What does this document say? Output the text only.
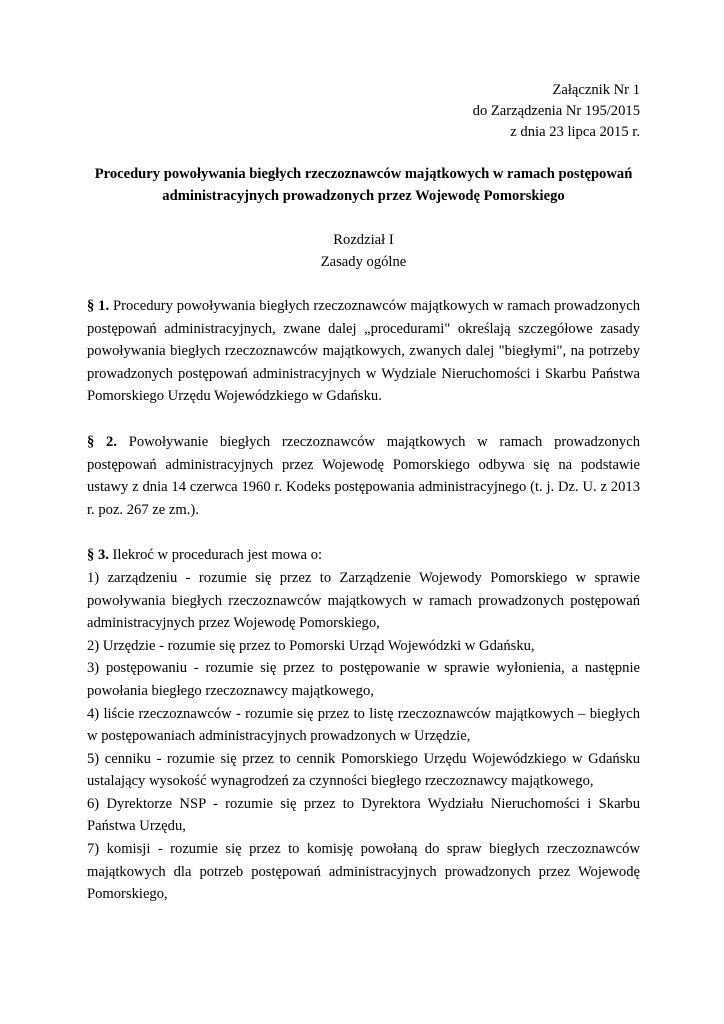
Załącznik Nr 1
do Zarządzenia Nr 195/2015
z dnia 23 lipca 2015 r.
Procedury powoływania biegłych rzeczoznawców majątkowych w ramach postępowań
administracyjnych prowadzonych przez Wojewodę Pomorskiego
Rozdział I
Zasady ogólne
§ 1. Procedury powoływania biegłych rzeczoznawców majątkowych w ramach prowadzonych postępowań administracyjnych, zwane dalej „procedurami" określają szczegółowe zasady powoływania biegłych rzeczoznawców majątkowych, zwanych dalej "biegłymi", na potrzeby prowadzonych postępowań administracyjnych w Wydziale Nieruchomości i Skarbu Państwa Pomorskiego Urzędu Wojewódzkiego w Gdańsku.
§ 2. Powoływanie biegłych rzeczoznawców majątkowych w ramach prowadzonych postępowań administracyjnych przez Wojewodę Pomorskiego odbywa się na podstawie ustawy z dnia 14 czerwca 1960 r. Kodeks postępowania administracyjnego (t. j. Dz. U. z 2013 r. poz. 267 ze zm.).
§ 3. Ilekroć w procedurach jest mowa o:
1) zarządzeniu - rozumie się przez to Zarządzenie Wojewody Pomorskiego w sprawie powoływania biegłych rzeczoznawców majątkowych w ramach prowadzonych postępowań administracyjnych przez Wojewodę Pomorskiego,
2) Urzędzie - rozumie się przez to Pomorski Urząd Wojewódzki w Gdańsku,
3) postępowaniu - rozumie się przez to postępowanie w sprawie wyłonienia, a następnie powołania biegłego rzeczoznawcy majątkowego,
4) liście rzeczoznawców - rozumie się przez to listę rzeczoznawców majątkowych – biegłych w postępowaniach administracyjnych prowadzonych w Urzędzie,
5) cenniku - rozumie się przez to cennik Pomorskiego Urzędu Wojewódzkiego w Gdańsku ustalający wysokość wynagrodzeń za czynności biegłego rzeczoznawcy majątkowego,
6) Dyrektorze NSP - rozumie się przez to Dyrektora Wydziału Nieruchomości i Skarbu Państwa Urzędu,
7) komisji - rozumie się przez to komisję powołaną do spraw biegłych rzeczoznawców majątkowych dla potrzeb postępowań administracyjnych prowadzonych przez Wojewodę Pomorskiego,
